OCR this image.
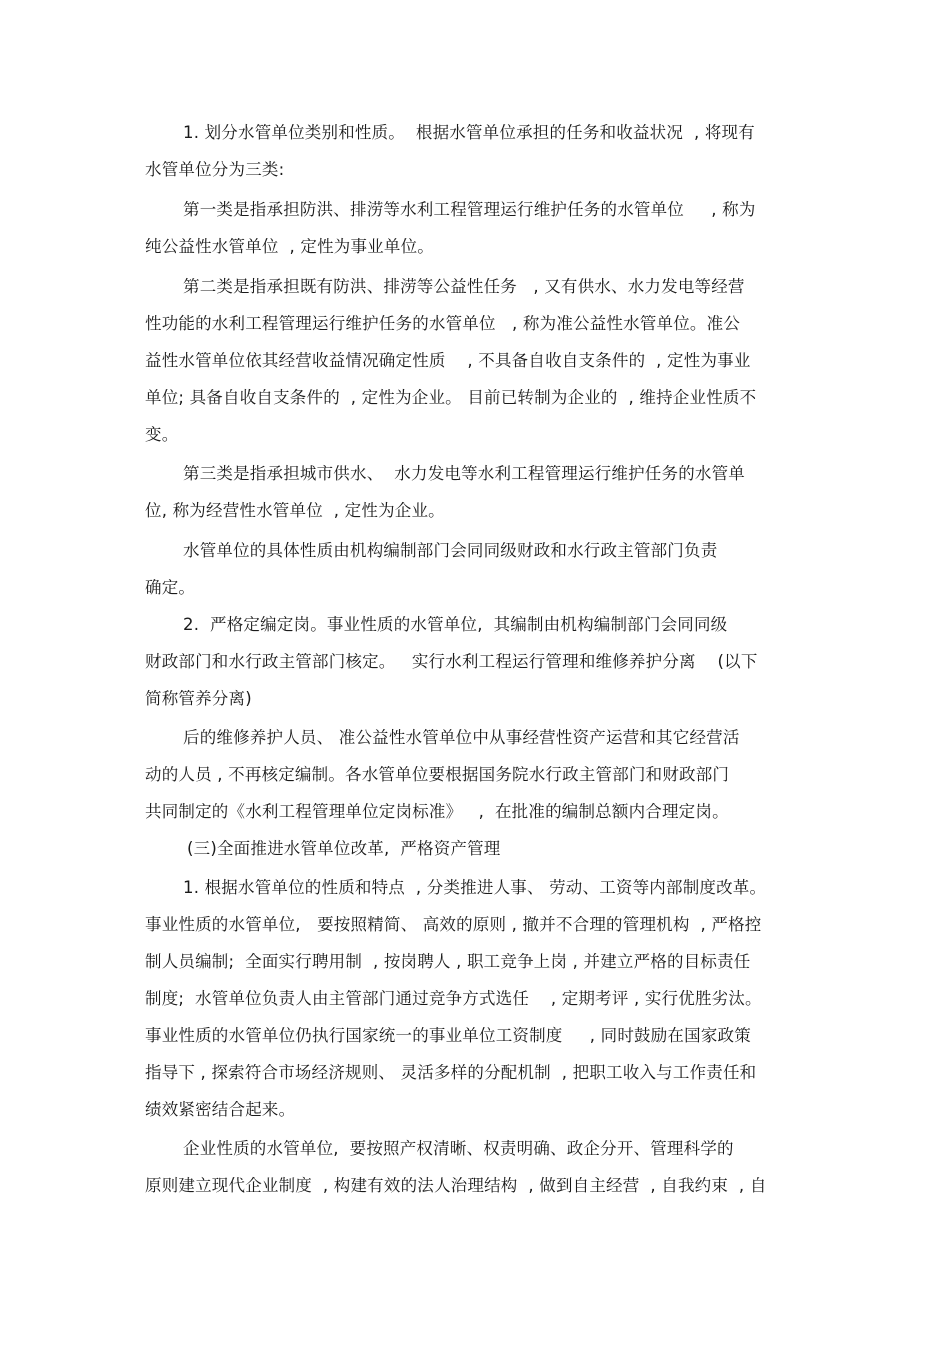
1. 划分水管单位类别和性质。  根据水管单位承担的任务和收益状况  , 将现有
水管单位分为三类:
第一类是指承担防洪、排涝等水利工程管理运行维护任务的水管单位     , 称为
纯公益性水管单位  , 定性为事业单位。
第二类是指承担既有防洪、排涝等公益性任务   , 又有供水、水力发电等经营
性功能的水利工程管理运行维护任务的水管单位   , 称为准公益性水管单位。准公
益性水管单位依其经营收益情况确定性质    , 不具备自收自支条件的  , 定性为事业
单位; 具备自收自支条件的  , 定性为企业。 目前已转制为企业的  , 维持企业性质不
变。
第三类是指承担城市供水、  水力发电等水利工程管理运行维护任务的水管单
位, 称为经营性水管单位  , 定性为企业。
水管单位的具体性质由机构编制部门会同同级财政和水行政主管部门负责
确定。
2.  严格定编定岗。事业性质的水管单位,  其编制由机构编制部门会同同级
财政部门和水行政主管部门核定。   实行水利工程运行管理和维修养护分离    (以下
简称管养分离)
后的维修养护人员、 准公益性水管单位中从事经营性资产运营和其它经营活
动的人员 , 不再核定编制。各水管单位要根据国务院水行政主管部门和财政部门
共同制定的《水利工程管理单位定岗标准》   ,  在批准的编制总额内合理定岗。
(三)全面推进水管单位改革,  严格资产管理
1. 根据水管单位的性质和特点  , 分类推进人事、 劳动、工资等内部制度改革。
事业性质的水管单位,   要按照精简、 高效的原则 , 撤并不合理的管理机构  , 严格控
制人员编制;  全面实行聘用制  , 按岗聘人 , 职工竞争上岗 , 并建立严格的目标责任
制度;  水管单位负责人由主管部门通过竞争方式选任    , 定期考评 , 实行优胜劣汰。
事业性质的水管单位仍执行国家统一的事业单位工资制度     , 同时鼓励在国家政策
指导下 , 探索符合市场经济规则、 灵活多样的分配机制  , 把职工收入与工作责任和
绩效紧密结合起来。
企业性质的水管单位,  要按照产权清晰、权责明确、政企分开、管理科学的
原则建立现代企业制度  , 构建有效的法人治理结构  , 做到自主经营  , 自我约束  , 自
